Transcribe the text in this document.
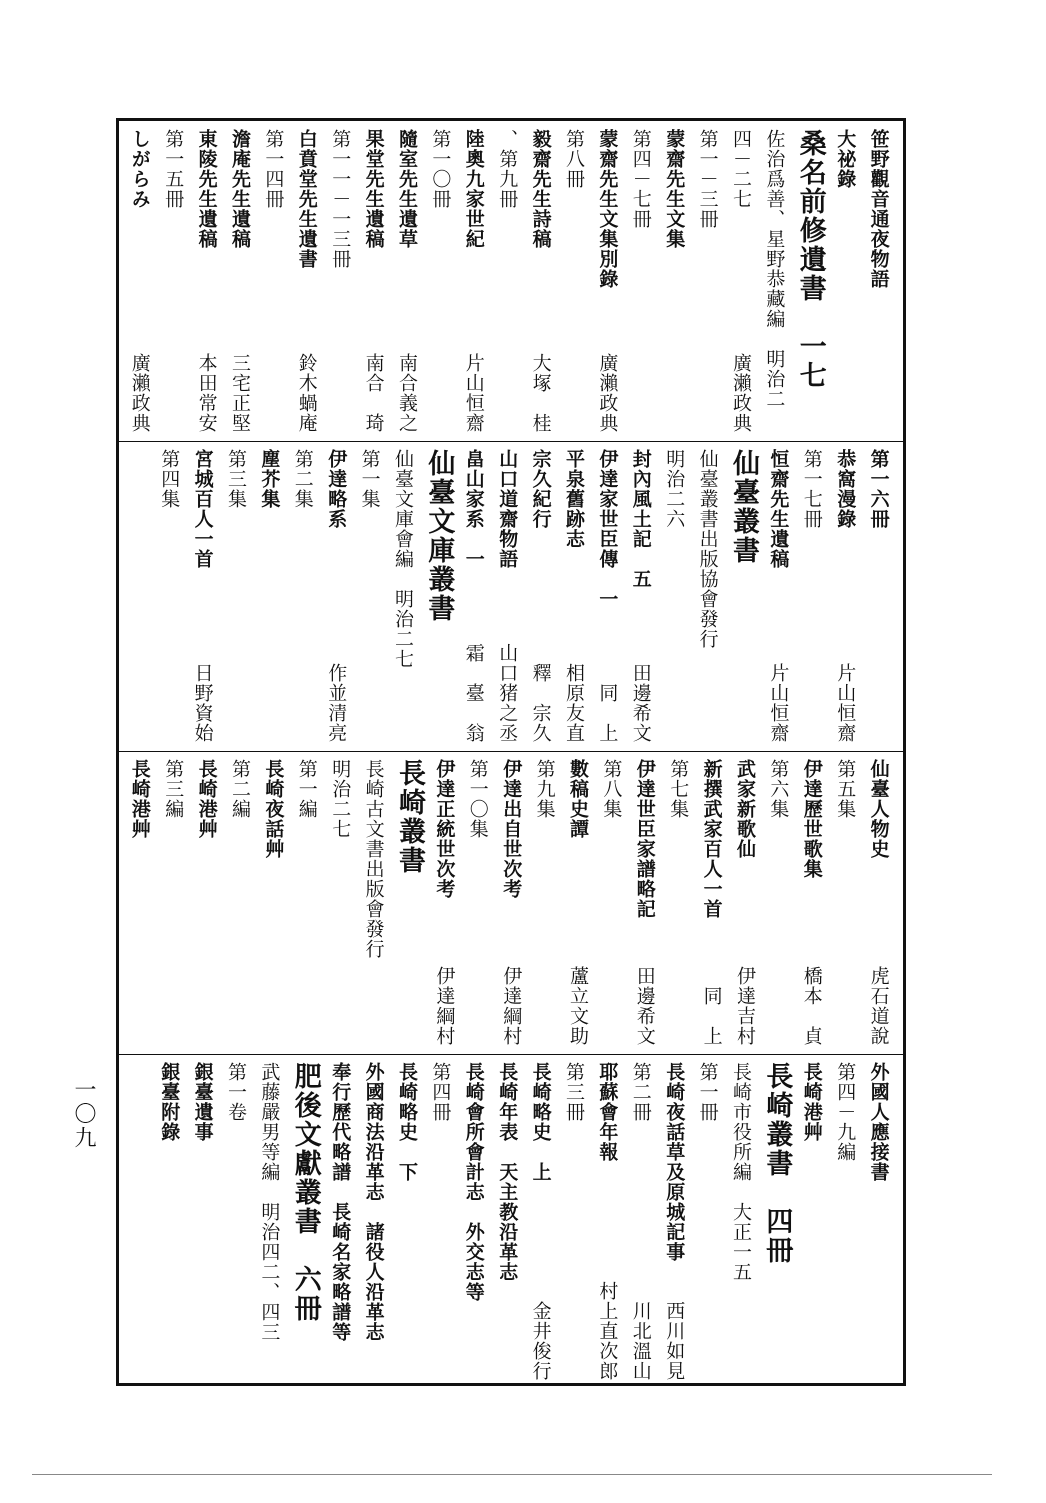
笹野觀音通夜物語
大祕錄
桑名前修遺書　一七
佐治爲善、星野恭藏編　明治二
四－二七
第一－三冊
蒙齋先生文集
第四－七冊
蒙齋先生文集別錄
第八冊
毅齋先生詩稿
、第九冊
陸奧九家世紀
第一〇冊
隨室先生遺草
果堂先生遺稿
第一一－一三冊
白賁堂先生遺書
第一四冊
澹庵先生遺稿
東陵先生遺稿
第一五冊
しがらみ
廣瀨政典
廣瀨政典
大塚　桂
片山恒齋
南合義之
南合　琦
鈴木蝸庵
三宅正堅
本田常安
廣瀨政典
第一六冊
恭窩漫錄
第一七冊
恒齋先生遺稿
仙臺叢書
仙臺叢書出版協會發行
明治二六
封內風土記　五
伊達家世臣傳　一
平泉舊跡志
宗久紀行
山口道齋物語
畠山家系　一
仙臺文庫叢書
仙臺文庫會編　明治二七
第一集
伊達略系
第二集
塵芥集
第三集
宮城百人一首
第四集
片山恒齋
片山恒齋
田邊希文
同　上
相原友直
釋　宗久
山口猪之丞
霜　臺　翁
作並清亮
日野資始
仙臺人物史
第五集
伊達歷世歌集
第六集
武家新歌仙
新撰武家百人一首
第七集
伊達世臣家譜略記
第八集
數稿史譚
第九集
伊達出自世次考
第一〇集
伊達正統世次考
長崎叢書
長崎古文書出版會發行
明治二七
第一編
長崎夜話艸
第二編
長崎港艸
第三編
長崎港艸
虎石道說
橋本　貞
伊達吉村
同　上
田邊希文
蘆立文助
伊達綱村
伊達綱村
外國人應接書
第四－九編
長崎港艸
長崎叢書　四冊
長崎市役所編　大正一五
第一冊
長崎夜話草及原城記事
第二冊
耶蘇會年報
第三冊
長崎略史　上
長崎年表　天主教沿革志
長崎會所會計志　外交志等
第四冊
長崎略史　下
外國商法沿革志　諸役人沿革志
奉行歷代略譜　長崎名家略譜等
肥後文獻叢書　六冊
武藤嚴男等編　明治四二、四三
第一卷
銀臺遺事
銀臺附錄
西川如見
川北溫山
村上直次郎
金井俊行
一〇九
